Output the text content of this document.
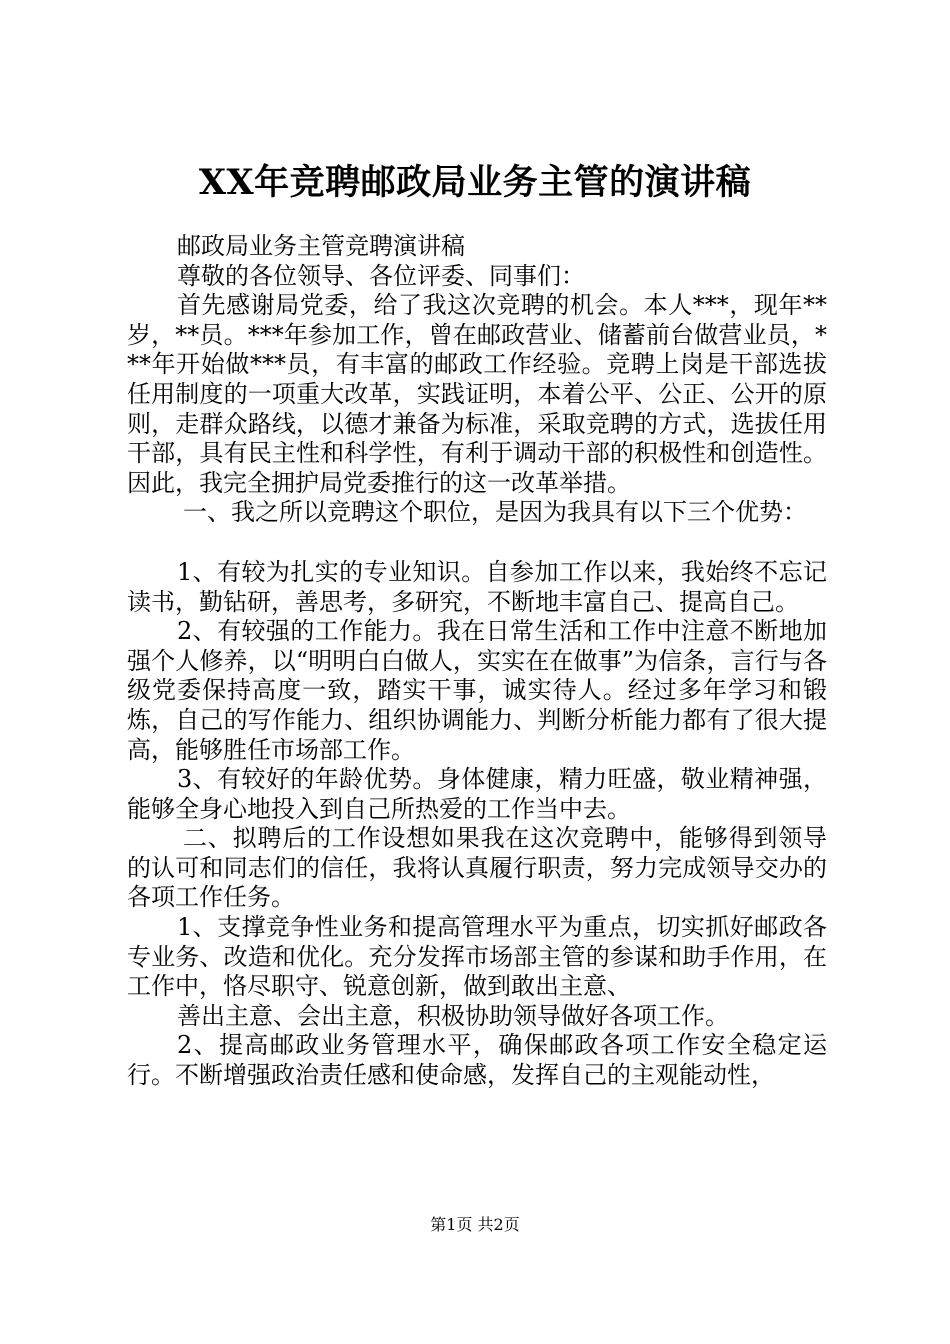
XX年竞聘邮政局业务主管的演讲稿

邮政局业务主管竞聘演讲稿

尊敬的各位领导、各位评委、同事们：

首先感谢局党委，给了我这次竞聘的机会。本人***，现年**岁，**员。***年参加工作，曾在邮政营业、储蓄前台做营业员，***年开始做***员，有丰富的邮政工作经验。竞聘上岗是干部选拔任用制度的一项重大改革，实践证明，本着公平、公正、公开的原则，走群众路线，以德才兼备为标准，采取竞聘的方式，选拔任用干部，具有民主性和科学性，有利于调动干部的积极性和创造性。因此，我完全拥护局党委推行的这一改革举措。

一、我之所以竞聘这个职位，是因为我具有以下三个优势：

1、有较为扎实的专业知识。自参加工作以来，我始终不忘记读书，勤钻研，善思考，多研究，不断地丰富自己、提高自己。

2、有较强的工作能力。我在日常生活和工作中注意不断地加强个人修养，以“明明白白做人，实实在在做事”为信条，言行与各级党委保持高度一致，踏实干事，诚实待人。经过多年学习和锻炼，自己的写作能力、组织协调能力、判断分析能力都有了很大提高，能够胜任市场部工作。

3、有较好的年龄优势。身体健康，精力旺盛，敬业精神强，能够全身心地投入到自己所热爱的工作当中去。

二、拟聘后的工作设想如果我在这次竞聘中，能够得到领导的认可和同志们的信任，我将认真履行职责，努力完成领导交办的各项工作任务。

1、支撑竞争性业务和提高管理水平为重点，切实抓好邮政各专业务、改造和优化。充分发挥市场部主管的参谋和助手作用，在工作中，恪尽职守、锐意创新，做到敢出主意、

善出主意、会出主意，积极协助领导做好各项工作。

2、提高邮政业务管理水平，确保邮政各项工作安全稳定运行。不断增强政治责任感和使命感，发挥自己的主观能动性，

第1页 共2页
